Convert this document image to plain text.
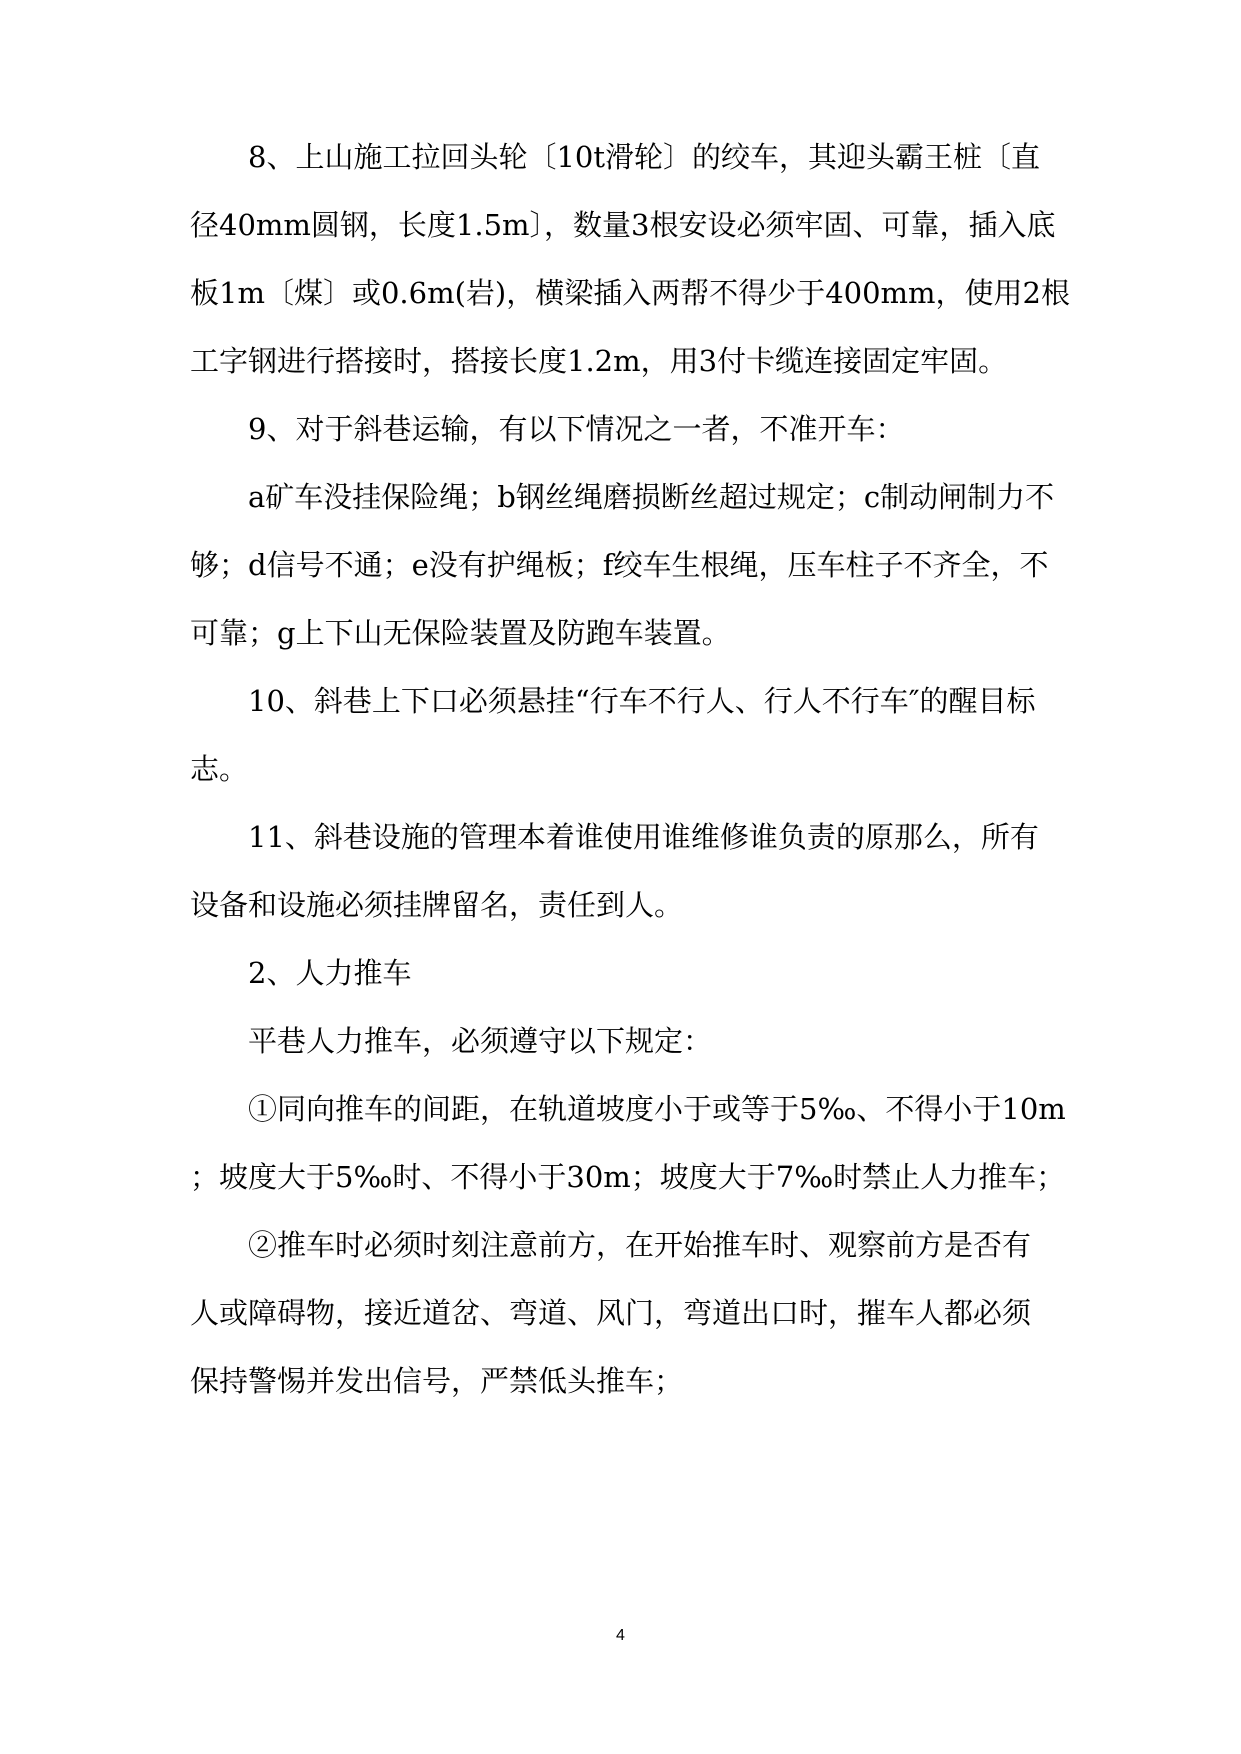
8、上山施工拉回头轮〔10t滑轮〕的绞车，其迎头霸王桩〔直
径40mm圆钢，长度1.5m〕，数量3根安设必须牢固、可靠，插入底
板1m〔煤〕或0.6m(岩)，横梁插入两帮不得少于400mm，使用2根
工字钢进行搭接时，搭接长度1.2m，用3付卡缆连接固定牢固。
9、对于斜巷运输，有以下情况之一者，不准开车：
a矿车没挂保险绳；b钢丝绳磨损断丝超过规定；c制动闸制力不
够；d信号不通；e没有护绳板；f绞车生根绳，压车柱子不齐全，不
可靠；g上下山无保险装置及防跑车装置。
10、斜巷上下口必须悬挂“行车不行人、行人不行车″的醒目标
志。
11、斜巷设施的管理本着谁使用谁维修谁负责的原那么，所有
设备和设施必须挂牌留名，责任到人。
2、人力推车
平巷人力推车，必须遵守以下规定：
①同向推车的间距，在轨道坡度小于或等于5‰、不得小于10m
；坡度大于5‰时、不得小于30m；坡度大于7‰时禁止人力推车；
②推车时必须时刻注意前方，在开始推车时、观察前方是否有
人或障碍物，接近道岔、弯道、风门，弯道出口时，摧车人都必须
保持警惕并发出信号，严禁低头推车；
4
